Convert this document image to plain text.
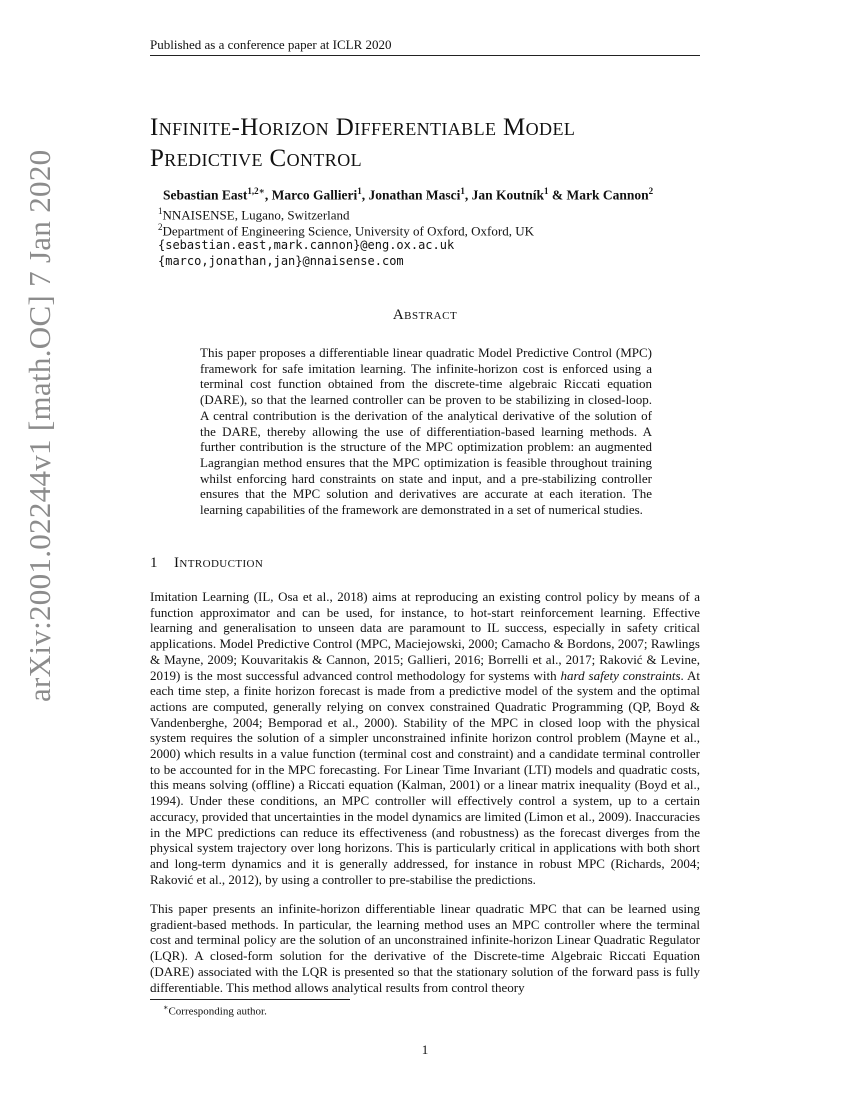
Published as a conference paper at ICLR 2020
arXiv:2001.02244v1 [math.OC] 7 Jan 2020
Infinite-Horizon Differentiable Model
Predictive Control
Sebastian East$^{1,2∗}$, Marco Gallieri$^1$, Jonathan Masci$^1$, Jan Koutník$^1$ & Mark Cannon$^2$
$^1$NNAISENSE, Lugano, Switzerland
$^2$Department of Engineering Science, University of Oxford, Oxford, UK
{sebastian.east,mark.cannon}@eng.ox.ac.uk
{marco,jonathan,jan}@nnaisense.com
Abstract

This paper proposes a differentiable linear quadratic Model Predictive Control (MPC) framework for safe imitation learning. The infinite-horizon cost is enforced using a terminal cost function obtained from the discrete-time algebraic Riccati equation (DARE), so that the learned controller can be proven to be stabilizing in closed-loop. A central contribution is the derivation of the analytical derivative of the solution of the DARE, thereby allowing the use of differentiation-based learning methods. A further contribution is the structure of the MPC optimization problem: an augmented Lagrangian method ensures that the MPC optimization is feasible throughout training whilst enforcing hard constraints on state and input, and a pre-stabilizing controller ensures that the MPC solution and derivatives are accurate at each iteration. The learning capabilities of the framework are demonstrated in a set of numerical studies.

1 Introduction

Imitation Learning (IL, Osa et al., 2018) aims at reproducing an existing control policy by means of a function approximator and can be used, for instance, to hot-start reinforcement learning. Effective learning and generalisation to unseen data are paramount to IL success, especially in safety critical applications. Model Predictive Control (MPC, Maciejowski, 2000; Camacho & Bordons, 2007; Rawlings & Mayne, 2009; Kouvaritakis & Cannon, 2015; Gallieri, 2016; Borrelli et al., 2017; Raković & Levine, 2019) is the most successful advanced control methodology for systems with hard safety constraints. At each time step, a finite horizon forecast is made from a predictive model of the system and the optimal actions are computed, generally relying on convex constrained Quadratic Programming (QP, Boyd & Vandenberghe, 2004; Bemporad et al., 2000). Stability of the MPC in closed loop with the physical system requires the solution of a simpler unconstrained infinite horizon control problem (Mayne et al., 2000) which results in a value function (terminal cost and constraint) and a candidate terminal controller to be accounted for in the MPC forecasting. For Linear Time Invariant (LTI) models and quadratic costs, this means solving (offline) a Riccati equation (Kalman, 2001) or a linear matrix inequality (Boyd et al., 1994). Under these conditions, an MPC controller will effectively control a system, up to a certain accuracy, provided that uncertainties in the model dynamics are limited (Limon et al., 2009). Inaccuracies in the MPC predictions can reduce its effectiveness (and robustness) as the forecast diverges from the physical system trajectory over long horizons. This is particularly critical in applications with both short and long-term dynamics and it is generally addressed, for instance in robust MPC (Richards, 2004; Raković et al., 2012), by using a controller to pre-stabilise the predictions.

This paper presents an infinite-horizon differentiable linear quadratic MPC that can be learned using gradient-based methods. In particular, the learning method uses an MPC controller where the terminal cost and terminal policy are the solution of an unconstrained infinite-horizon Linear Quadratic Regulator (LQR). A closed-form solution for the derivative of the Discrete-time Algebraic Riccati Equation (DARE) associated with the LQR is presented so that the stationary solution of the forward pass is fully differentiable. This method allows analytical results from control theory

∗Corresponding author.
1
